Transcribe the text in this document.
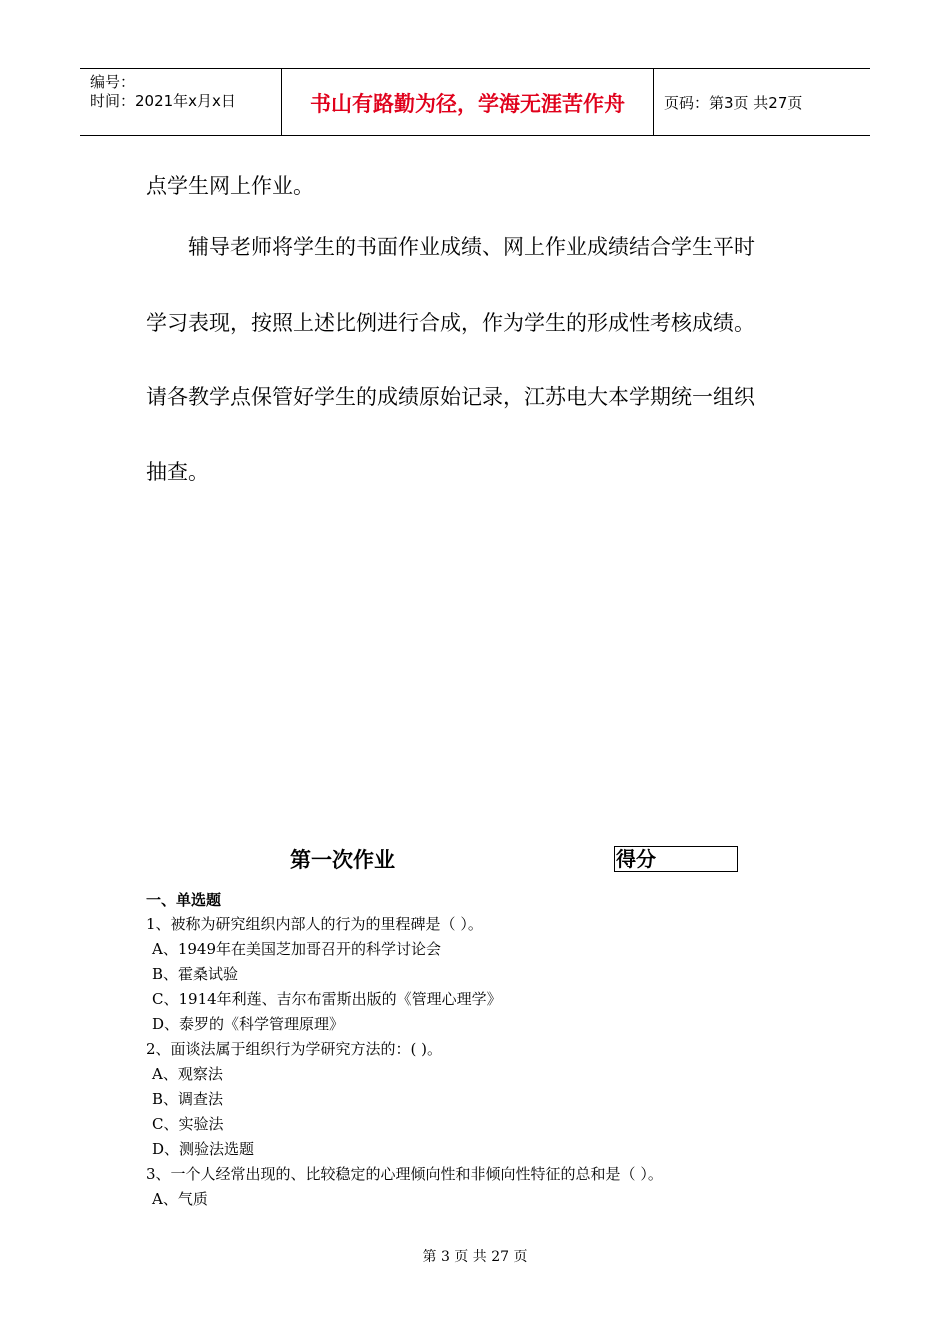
编号：
时间：2021年x月x日	书山有路勤为径，学海无涯苦作舟	页码：第3页 共27页
点学生网上作业。
辅导老师将学生的书面作业成绩、网上作业成绩结合学生平时
学习表现，按照上述比例进行合成，作为学生的形成性考核成绩。
请各教学点保管好学生的成绩原始记录，江苏电大本学期统一组织
抽查。
第一次作业	得分
一、单选题
1、被称为研究组织内部人的行为的里程碑是（ ）。
A、1949年在美国芝加哥召开的科学讨论会
B、霍桑试验
C、1914年利莲、吉尔布雷斯出版的《管理心理学》
D、泰罗的《科学管理原理》
2、面谈法属于组织行为学研究方法的：( )。
A、观察法
B、调查法
C、实验法
D、测验法选题
3、一个人经常出现的、比较稳定的心理倾向性和非倾向性特征的总和是（ ）。
A、气质
第 3 页 共 27 页
